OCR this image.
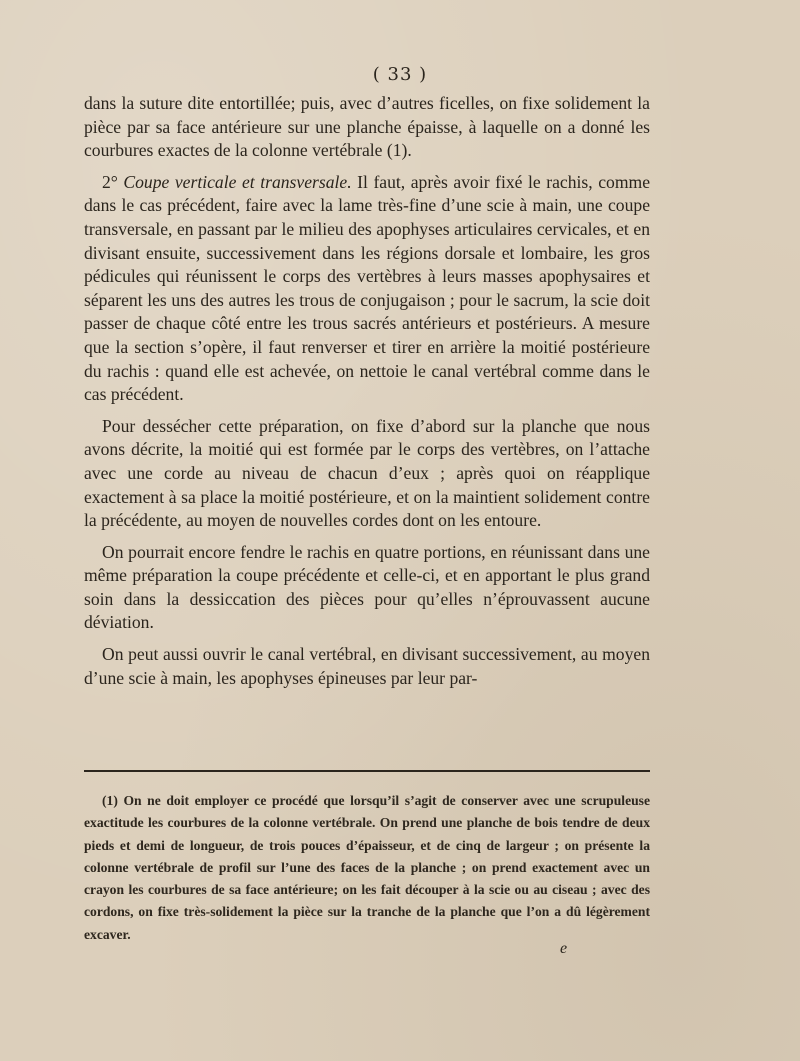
( 33 )

dans la suture dite entortillée; puis, avec d’autres ficelles, on fixe solidement la pièce par sa face antérieure sur une planche épaisse, à laquelle on a donné les courbures exactes de la colonne vertébrale (1).

2° Coupe verticale et transversale. Il faut, après avoir fixé le rachis, comme dans le cas précédent, faire avec la lame très-fine d’une scie à main, une coupe transversale, en passant par le milieu des apophyses articulaires cervicales, et en divisant ensuite, successivement dans les régions dorsale et lombaire, les gros pédicules qui réunissent le corps des vertèbres à leurs masses apophysaires et séparent les uns des autres les trous de conjugaison ; pour le sacrum, la scie doit passer de chaque côté entre les trous sacrés antérieurs et postérieurs. A mesure que la section s’opère, il faut renverser et tirer en arrière la moitié postérieure du rachis : quand elle est achevée, on nettoie le canal vertébral comme dans le cas précédent.

Pour dessécher cette préparation, on fixe d’abord sur la planche que nous avons décrite, la moitié qui est formée par le corps des vertèbres, on l’attache avec une corde au niveau de chacun d’eux ; après quoi on réapplique exactement à sa place la moitié postérieure, et on la maintient solidement contre la précédente, au moyen de nouvelles cordes dont on les entoure.

On pourrait encore fendre le rachis en quatre portions, en réunissant dans une même préparation la coupe précédente et celle-ci, et en apportant le plus grand soin dans la dessiccation des pièces pour qu’elles n’éprouvassent aucune déviation.

On peut aussi ouvrir le canal vertébral, en divisant successivement, au moyen d’une scie à main, les apophyses épineuses par leur par-

(1) On ne doit employer ce procédé que lorsqu’il s’agit de conserver avec une scrupuleuse exactitude les courbures de la colonne vertébrale. On prend une planche de bois tendre de deux pieds et demi de longueur, de trois pouces d’épaisseur, et de cinq de largeur ; on présente la colonne vertébrale de profil sur l’une des faces de la planche ; on prend exactement avec un crayon les courbures de sa face antérieure; on les fait découper à la scie ou au ciseau ; avec des cordons, on fixe très-solidement la pièce sur la tranche de la planche que l’on a dû légèrement excaver.

e
